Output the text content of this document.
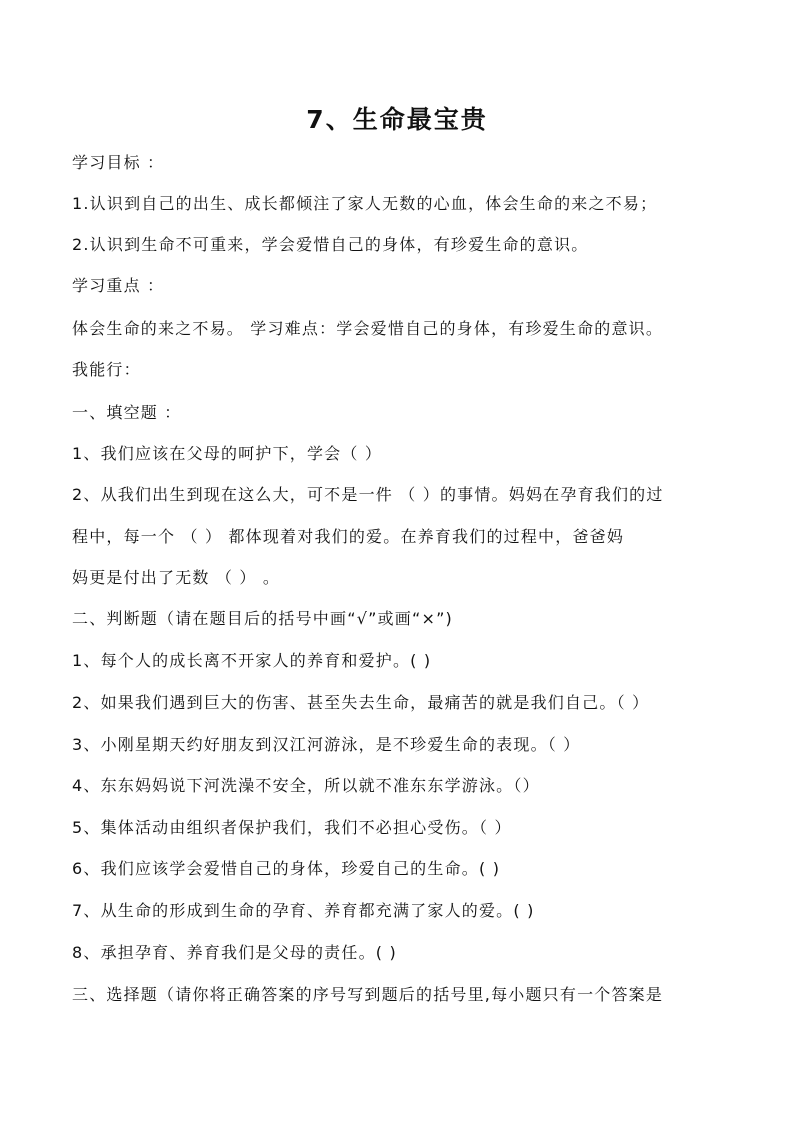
7、生命最宝贵
学习目标 ：
1.认识到自己的出生、成长都倾注了家人无数的心血，体会生命的来之不易；
2.认识到生命不可重来，学会爱惜自己的身体，有珍爱生命的意识。
学习重点 ：
体会生命的来之不易。 学习难点：学会爱惜自己的身体，有珍爱生命的意识。
我能行：
一、填空题 ：
1、我们应该在父母的呵护下，学会（ ）
2、从我们出生到现在这么大，可不是一件 （ ）的事情。妈妈在孕育我们的过
程中，每一个 （ ） 都体现着对我们的爱。在养育我们的过程中，爸爸妈
妈更是付出了无数 （ ） 。
二、判断题（请在题目后的括号中画“√”或画“×”)
1、每个人的成长离不开家人的养育和爱护。( )
2、如果我们遇到巨大的伤害、甚至失去生命，最痛苦的就是我们自己。（ ）
3、小刚星期天约好朋友到汉江河游泳，是不珍爱生命的表现。（ ）
4、东东妈妈说下河洗澡不安全，所以就不准东东学游泳。（）
5、集体活动由组织者保护我们，我们不必担心受伤。（ ）
6、我们应该学会爱惜自己的身体，珍爱自己的生命。( )
7、从生命的形成到生命的孕育、养育都充满了家人的爱。( )
8、承担孕育、养育我们是父母的责任。( )
三、选择题（请你将正确答案的序号写到题后的括号里,每小题只有一个答案是
